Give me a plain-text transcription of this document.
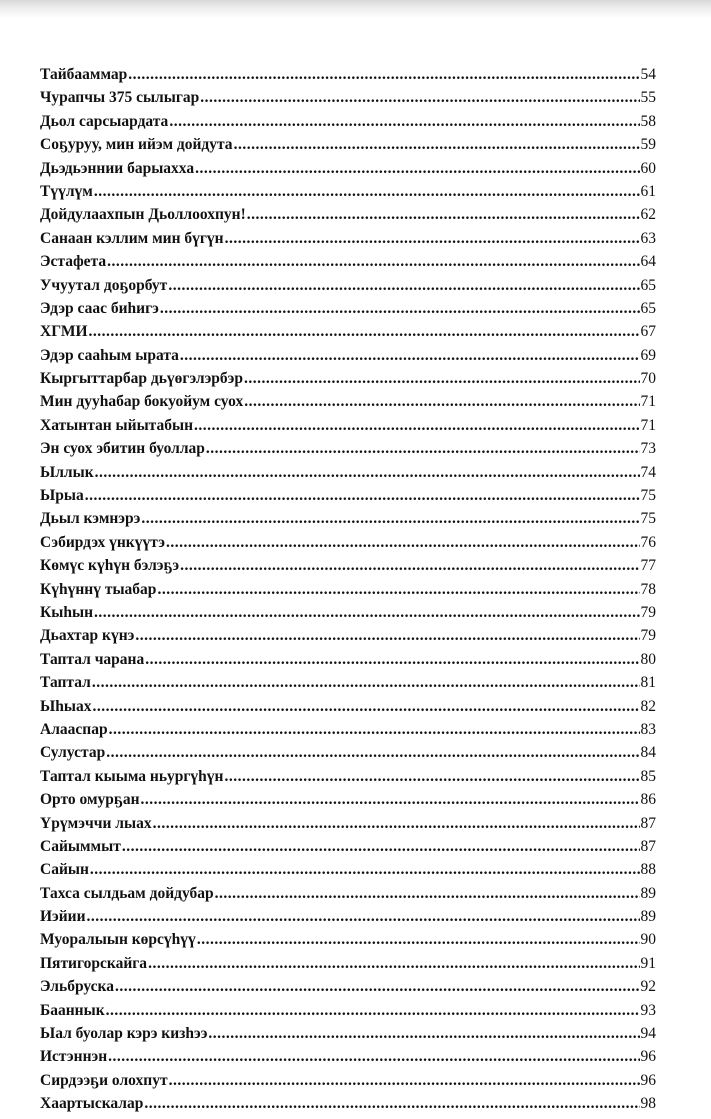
Тайбааммар .....	54
Чурапчы 375 сылыгар .....	55
Дьол сарсыардата .....	58
Соҕуруу, мин ийэм дойдута .....	59
Дьэдьэннии барыахха .....	60
Түүлүм .....	61
Дойдулаахпын Дьоллоохпун! .....	62
Санаан кэллим мин бүгүн .....	63
Эстафета .....	64
Учуутал доҕорбут .....	65
Эдэр саас биһигэ .....	65
ХГМИ .....	67
Эдэр сааһым ырата .....	69
Кыргыттарбар дьүөгэлэрбэр .....	70
Мин дууһабар бокуойум суох .....	71
Хатынтан ыйытабын .....	71
Эн суох эбитин буоллар .....	73
Ыллык .....	74
Ырыа .....	75
Дьыл кэмнэрэ .....	75
Сэбирдэх үнкүүтэ .....	76
Көмүс күһүн бэлэҕэ .....	77
Күһүннү тыабар .....	78
Кыһын .....	79
Дьахтар күнэ .....	79
Таптал чарана .....	80
Таптал .....	81
Ыһыах .....	82
Алааспар .....	83
Сулустар .....	84
Таптал кыыма ньургүһүн .....	85
Орто омурҕан .....	86
Үрүмэччи лыах .....	87
Сайыммыт .....	87
Сайын .....	88
Тахса сылдьам дойдубар .....	89
Иэйии .....	89
Муоралыын көрсүһүү .....	90
Пятигорскайга .....	91
Эльбруска .....	92
Бааннык .....	93
Ыал буолар кэрэ кизһээ .....	94
Истэннэн .....	96
Сирдээҕи олохпут .....	96
Хаартыскалар .....	98
